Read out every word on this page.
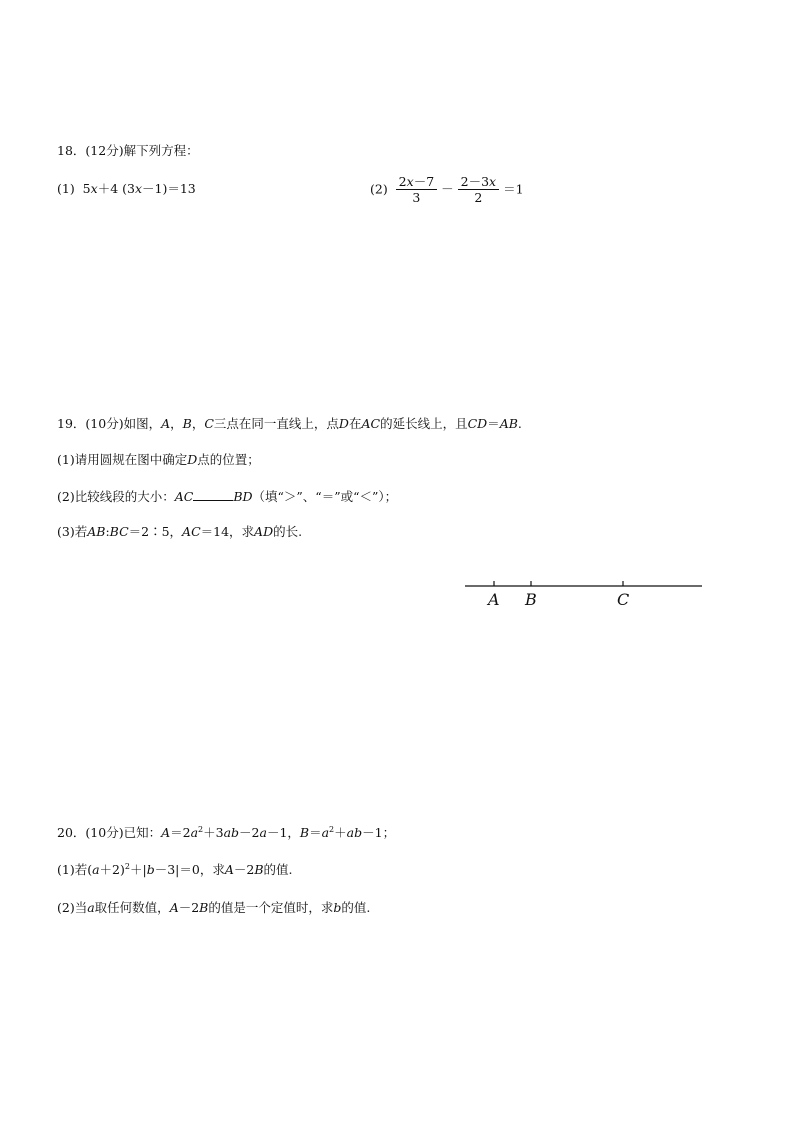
18．(12分)解下列方程：
(1) 5x＋4 (3x－1)＝13	$(2) \frac{2x-7}{3} - \frac{2-3x}{2} =1$
19．(10分)如图，A，B，C三点在同一直线上，点D在AC的延长线上，且CD＝AB.
(1)请用圆规在图中确定D点的位置；
(2)比较线段的大小：AC	BD（填“＞”、“＝”或“＜”）；
(3)若AB:BC＝2∶5，AC＝14，求AD的长.
A B	C
20．(10分)已知：$A=2a^2+3ab-2a-1$，$B=a^2+ab-1$；
(1)若$(a+2)^2+|b-3|=0$，求A－2B的值.
(2)当a取任何数值，A－2B的值是一个定值时，求b的值.
